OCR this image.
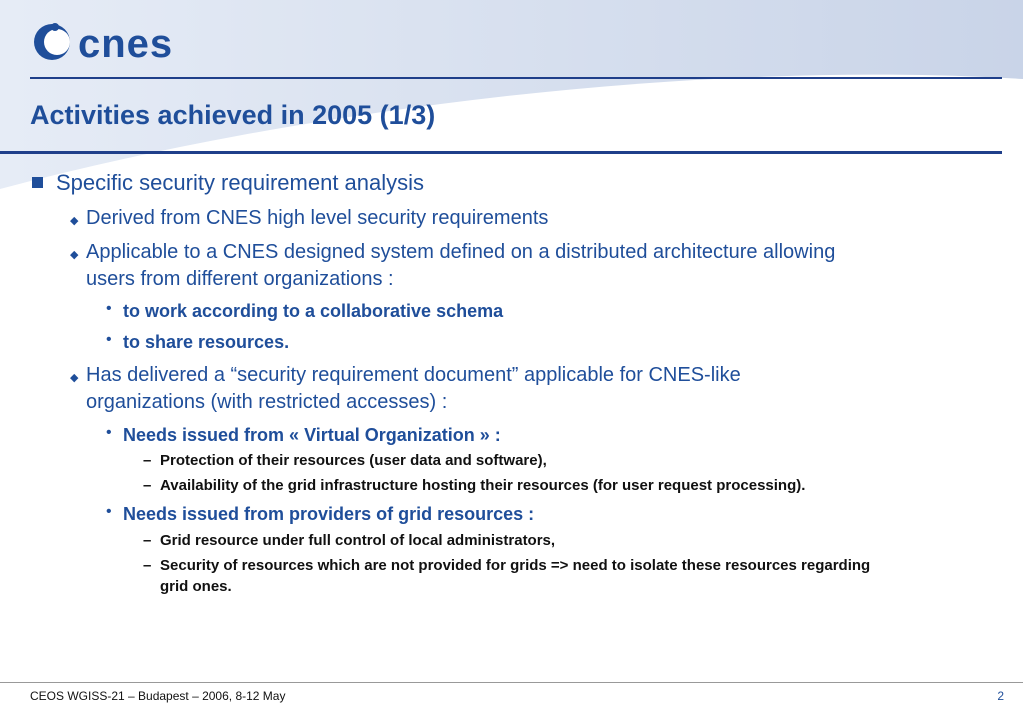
cnes
Activities achieved in 2005 (1/3)
Specific security requirement analysis
◆ Derived from CNES high level security requirements
◆ Applicable to a CNES designed system defined on a distributed architecture allowing
users from different organizations :
• to work according to a collaborative schema
• to share resources.
◆ Has delivered a “security requirement document” applicable for CNES-like
organizations (with restricted accesses) :
• Needs issued from « Virtual Organization » :
– Protection of their resources (user data and software),
– Availability of the grid infrastructure hosting their resources (for user request processing).
• Needs issued from providers of grid resources :
– Grid resource under full control of local administrators,
– Security of resources which are not provided for grids => need to isolate these resources regarding
grid ones.
CEOS WGISS-21 – Budapest – 2006, 8-12 May	2
